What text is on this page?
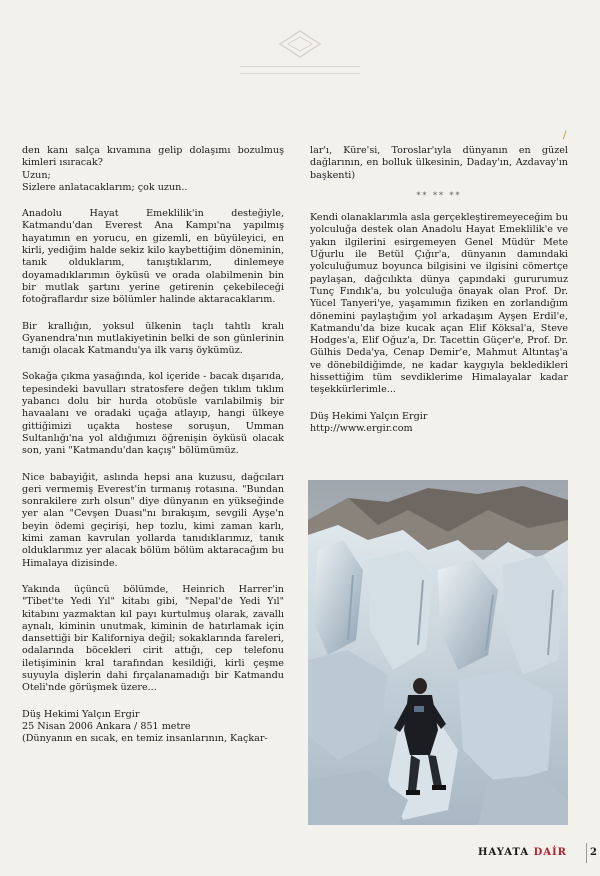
/

den kanı salça kıvamına gelip dolaşımı bozulmuş kimleri ısıracak?

Uzun;

Sizlere anlatacaklarım; çok uzun..

Anadolu Hayat Emeklilik'in desteğiyle, Katmandu'dan Everest Ana Kampı'na yapılmış hayatımın en yorucu, en gizemli, en büyüleyici, en kirli, yediğim halde sekiz kilo kaybettiğim döneminin, tanık olduklarım, tanıştıklarım, dinlemeye doyamadıklarımın öyküsü ve orada olabilmenin bin bir mutlak şartını yerine getirenin çekebileceği fotoğraflardır size bölümler halinde aktaracaklarım.

Bir krallığın, yoksul ülkenin taçlı tahtlı kralı Gyanendra'nın mutlakiyetinin belki de son günlerinin tanığı olacak Katmandu'ya ilk varış öykümüz.

Sokağa çıkma yasağında, kol içeride - bacak dışarıda, tepesindeki bavulları stratosfere değen tıklım tıklım yabancı dolu bir hurda otobüsle varılabilmiş bir havaalanı ve oradaki uçağa atlayıp, hangi ülkeye gittiğimizi uçakta hostese soruşun, Umman Sultanlığı'na yol aldığımızı öğrenişin öyküsü olacak son, yani "Katmandu'dan kaçış" bölümümüz.

Nice babayiğit, aslında hepsi ana kuzusu, dağcıları geri vermemiş Everest'in tırmanış rotasına. "Bundan sonrakilere zırh olsun" diye dünyanın en yükseğinde yer alan "Cevşen Duası"nı bırakışım, sevgili Ayşe'n beyin ödemi geçirişi, hep tozlu, kimi zaman karlı, kimi zaman kavrulan yollarda tanıdıklarımız, tanık olduklarımız yer alacak bölüm bölüm aktaracağım bu Himalaya dizisinde.

Yakında üçüncü bölümde, Heinrich Harrer'in "Tibet'te Yedi Yıl" kitabı gibi, "Nepal'de Yedi Yıl" kitabını yazmaktan kıl payı kurtulmuş olarak, zavallı aynalı, kiminin unutmak, kiminin de hatırlamak için dansettiği bir Kaliforniya değil; sokaklarında fareleri, odalarında böcekleri cirit attığı, cep telefonu iletişiminin kral tarafından kesildiği, kirli çeşme suyuyla dişlerin dahi fırçalanamadığı bir Katmandu Oteli'nde görüşmek üzere...

Düş Hekimi Yalçın Ergir

25 Nisan 2006 Ankara / 851 metre

(Dünyanın en sıcak, en temiz insanlarının, Kaçkar-

lar'ı, Küre'si, Toroslar'ıyla dünyanın en güzel dağlarının, en bolluk ülkesinin, Daday'ın, Azdavay'ın başkenti)

** ** **

Kendi olanaklarımla asla gerçekleştiremeyeceğim bu yolculuğa destek olan Anadolu Hayat Emeklilik'e ve yakın ilgilerini esirgemeyen Genel Müdür Mete Uğurlu ile Betül Çığır'a, dünyanın damındaki yolculuğumuz boyunca bilgisini ve ilgisini cömertçe paylaşan, dağcılıkta dünya çapındaki gururumuz Tunç Fındık'a, bu yolculuğa önayak olan Prof. Dr. Yücel Tanyeri'ye, yaşamımın fiziken en zorlandığım dönemini paylaştığım yol arkadaşım Ayşen Erdil'e, Katmandu'da bize kucak açan Elif Köksal'a, Steve Hodges'a, Elif Oğuz'a, Dr. Tacettin Güçer'e, Prof. Dr. Gülhis Deda'ya, Cenap Demir'e, Mahmut Altıntaş'a ve dönebildiğimde, ne kadar kaygıyla bekledikleri hissettiğim tüm sevdiklerime Himalayalar kadar teşekkürlerimle...

Düş Hekimi Yalçın Ergir

http://www.ergir.com

HAYATA DAİR 2
